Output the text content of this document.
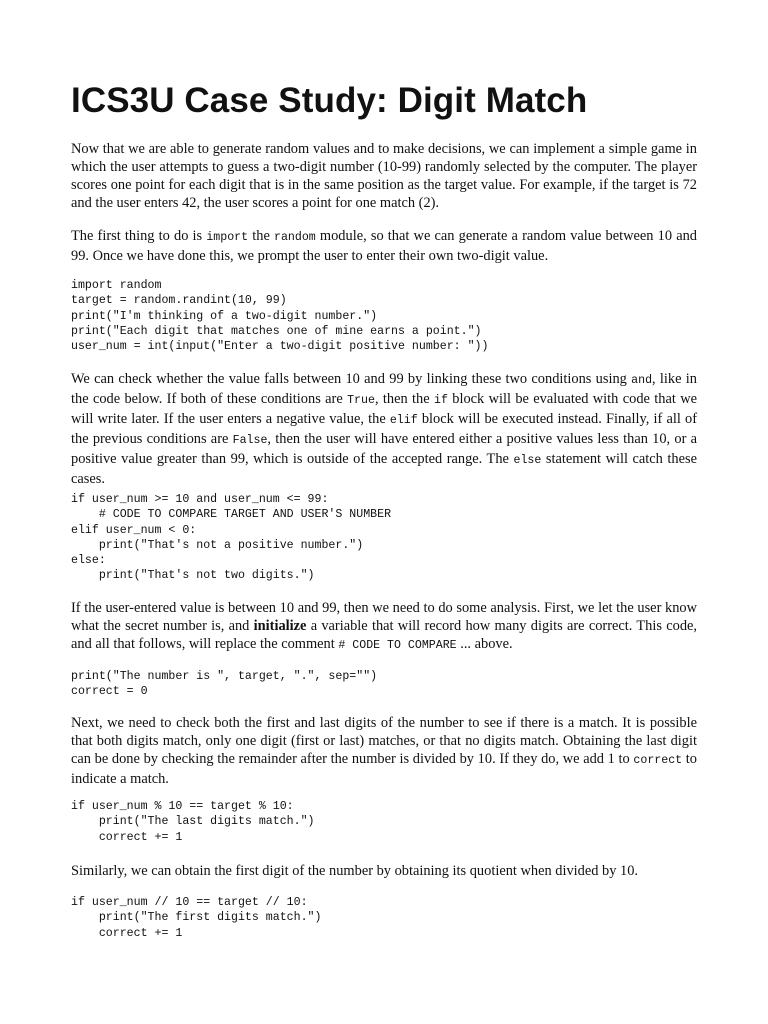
ICS3U Case Study: Digit Match

Now that we are able to generate random values and to make decisions, we can implement a simple game in which the user attempts to guess a two-digit number (10-99) randomly selected by the computer. The player scores one point for each digit that is in the same position as the target value. For example, if the target is 72 and the user enters 42, the user scores a point for one match (2).

The first thing to do is import the random module, so that we can generate a random value between 10 and 99. Once we have done this, we prompt the user to enter their own two-digit value.

import random
target = random.randint(10, 99)
print("I'm thinking of a two-digit number.")
print("Each digit that matches one of mine earns a point.")
user_num = int(input("Enter a two-digit positive number: "))

We can check whether the value falls between 10 and 99 by linking these two conditions using and, like in the code below. If both of these conditions are True, then the if block will be evaluated with code that we will write later. If the user enters a negative value, the elif block will be executed instead. Finally, if all of the previous conditions are False, then the user will have entered either a positive values less than 10, or a positive value greater than 99, which is outside of the accepted range. The else statement will catch these cases.

if user_num >= 10 and user_num <= 99:
# CODE TO COMPARE TARGET AND USER'S NUMBER
elif user_num < 0:
print("That's not a positive number.")
else:
print("That's not two digits.")

If the user-entered value is between 10 and 99, then we need to do some analysis. First, we let the user know what the secret number is, and initialize a variable that will record how many digits are correct. This code, and all that follows, will replace the comment # CODE TO COMPARE ... above.

print("The number is ", target, ".", sep="")
correct = 0

Next, we need to check both the first and last digits of the number to see if there is a match. It is possible that both digits match, only one digit (first or last) matches, or that no digits match. Obtaining the last digit can be done by checking the remainder after the number is divided by 10. If they do, we add 1 to correct to indicate a match.

if user_num % 10 == target % 10:
print("The last digits match.")
correct += 1

Similarly, we can obtain the first digit of the number by obtaining its quotient when divided by 10.

if user_num // 10 == target // 10:
print("The first digits match.")
correct += 1
